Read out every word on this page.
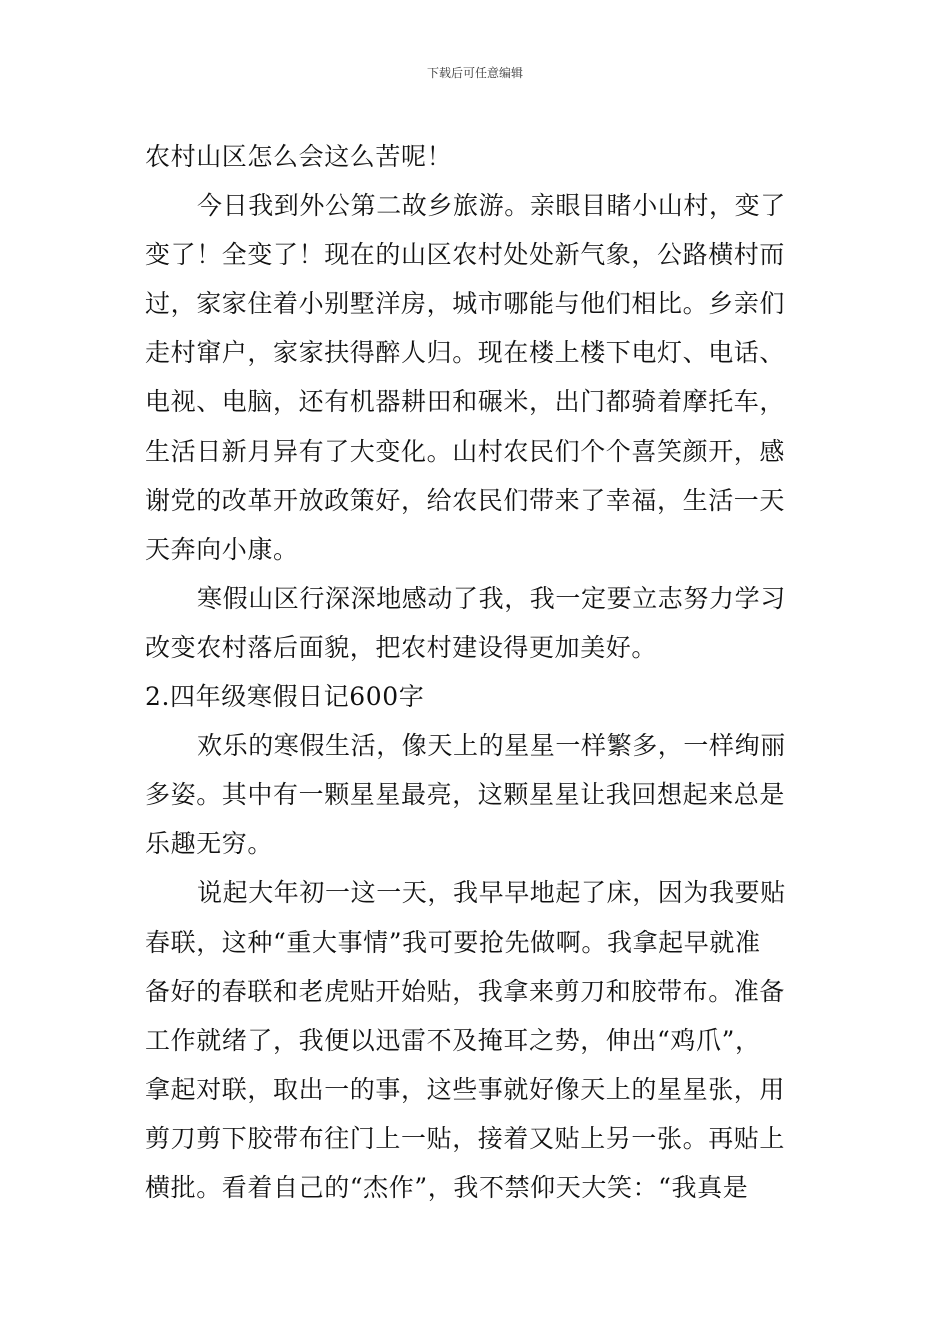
下载后可任意编辑
农村山区怎么会这么苦呢！
今日我到外公第二故乡旅游。亲眼目睹小山村，变了
变了！全变了！现在的山区农村处处新气象，公路横村而
过，家家住着小别墅洋房，城市哪能与他们相比。乡亲们
走村窜户，家家扶得醉人归。现在楼上楼下电灯、电话、
电视、电脑，还有机器耕田和碾米，出门都骑着摩托车，
生活日新月异有了大变化。山村农民们个个喜笑颜开，感
谢党的改革开放政策好，给农民们带来了幸福，生活一天
天奔向小康。
寒假山区行深深地感动了我，我一定要立志努力学习
改变农村落后面貌，把农村建设得更加美好。
2.四年级寒假日记600字
欢乐的寒假生活，像天上的星星一样繁多，一样绚丽
多姿。其中有一颗星星最亮，这颗星星让我回想起来总是
乐趣无穷。
说起大年初一这一天，我早早地起了床，因为我要贴
春联，这种“重大事情”我可要抢先做啊。我拿起早就准
备好的春联和老虎贴开始贴，我拿来剪刀和胶带布。准备
工作就绪了，我便以迅雷不及掩耳之势，伸出“鸡爪”，
拿起对联，取出一的事，这些事就好像天上的星星张，用
剪刀剪下胶带布往门上一贴，接着又贴上另一张。再贴上
横批。看着自己的“杰作”，我不禁仰天大笑：“我真是
